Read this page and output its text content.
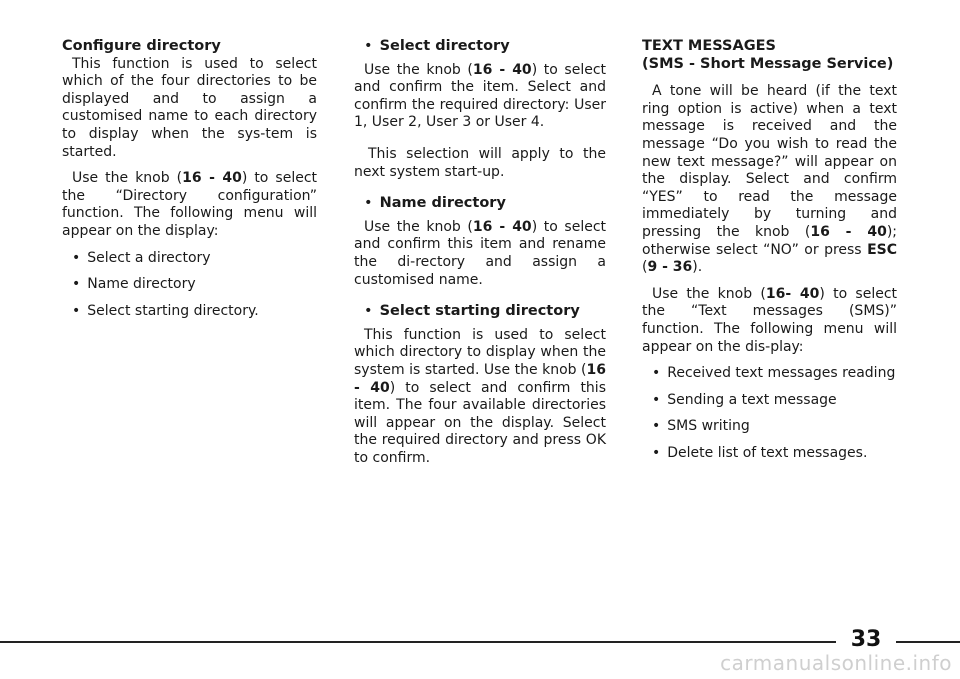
Configure directory

This function is used to select which of the four directories to be displayed and to assign a customised name to each directory to display when the sys-tem is started.

Use the knob (16 - 40) to select the “Directory configuration” function. The following menu will appear on the display:

• Select a directory
• Name directory
• Select starting directory.

• Select directory

Use the knob (16 - 40) to select and confirm the item. Select and confirm the required directory: User 1, User 2, User 3 or User 4.

This selection will apply to the next system start-up.

• Name directory

Use the knob (16 - 40) to select and confirm this item and rename the di-rectory and assign a customised name.

• Select starting directory

This function is used to select which directory to display when the system is started. Use the knob (16 - 40) to select and confirm this item. The four available directories will appear on the display. Select the required directory and press OK to confirm.

TEXT MESSAGES

(SMS - Short Message Service)

A tone will be heard (if the text ring option is active) when a text message is received and the message “Do you wish to read the new text message?” will appear on the display. Select and confirm “YES” to read the message immediately by turning and pressing the knob (16 - 40); otherwise select “NO” or press ESC (9 - 36).

Use the knob (16- 40) to select the “Text messages (SMS)” function. The following menu will appear on the dis-play:

• Received text messages reading
• Sending a text message
• SMS writing
• Delete list of text messages.
33
carmanualsonline.info
